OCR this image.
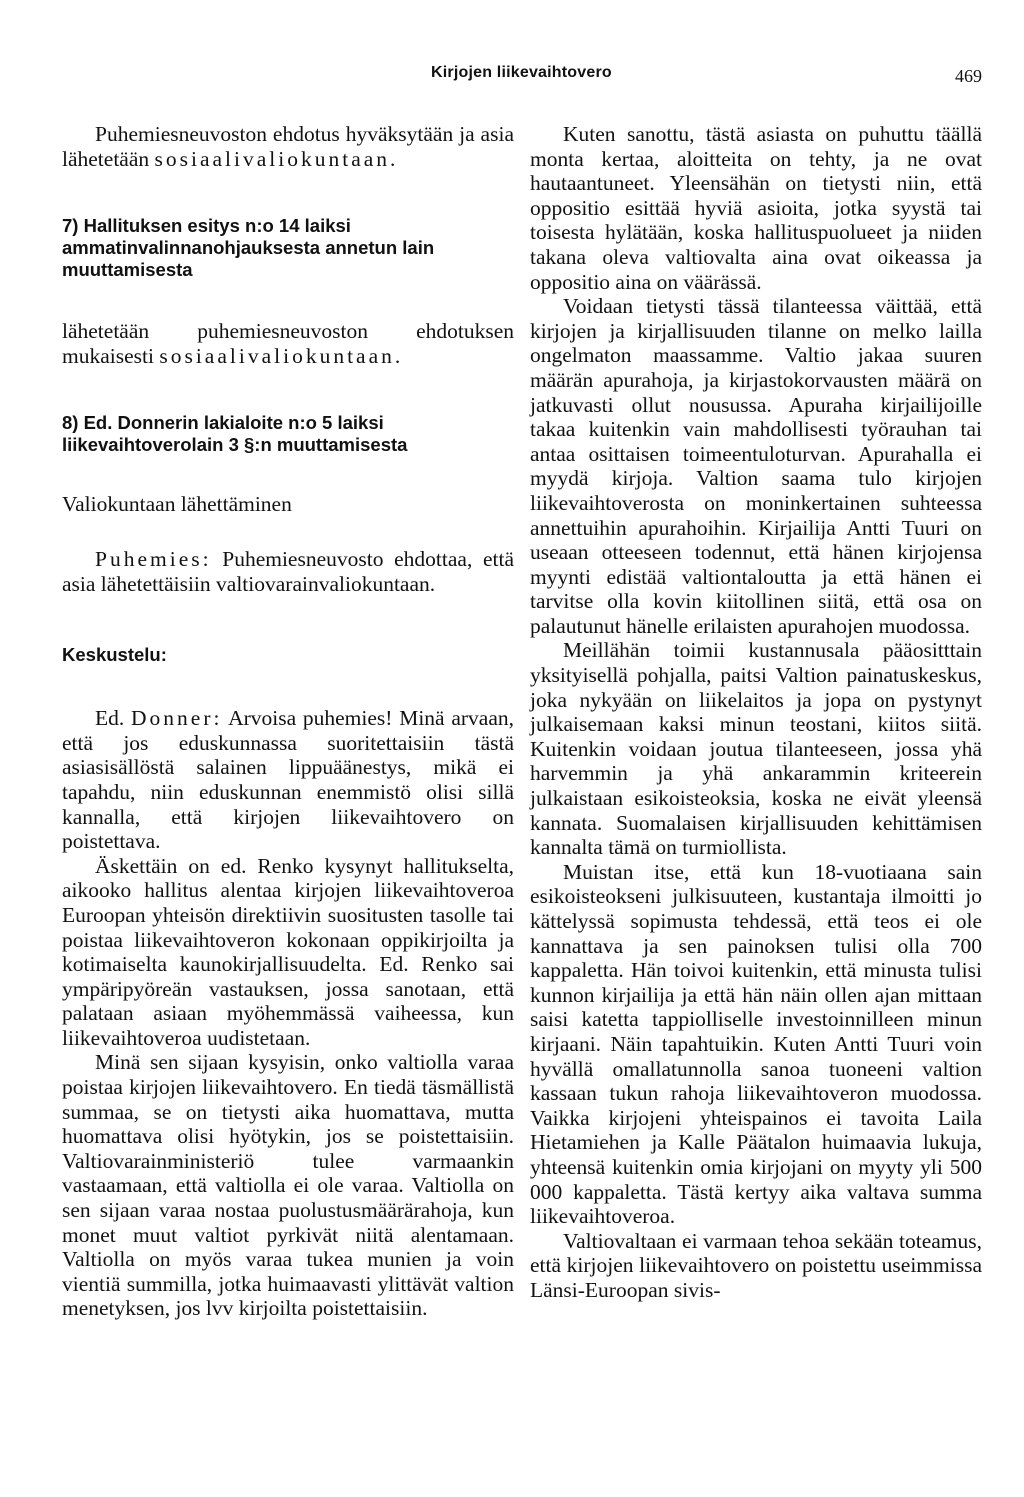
Kirjojen liikevaihtovero	469

Puhemiesneuvoston ehdotus hyväksytään ja asia lähetetään sosiaalivaliokuntaan.

7) Hallituksen esitys n:o 14 laiksi ammatinvalinnanohjauksesta annetun lain muuttamisesta

lähetetään puhemiesneuvoston ehdotuksen mukaisesti sosiaalivaliokuntaan.

8) Ed. Donnerin lakialoite n:o 5 laiksi liikevaihtoverolain 3 §:n muuttamisesta

Valiokuntaan lähettäminen

Puhemies: Puhemiesneuvosto ehdottaa, että asia lähetettäisiin valtiovarainvaliokuntaan.

Keskustelu:

Ed. Donner: Arvoisa puhemies! Minä arvaan, että jos eduskunnassa suoritettaisiin tästä asiasisällöstä salainen lippuäänestys, mikä ei tapahdu, niin eduskunnan enemmistö olisi sillä kannalla, että kirjojen liikevaihtovero on poistettava.

Äskettäin on ed. Renko kysynyt hallitukselta, aikooko hallitus alentaa kirjojen liikevaihtoveroa Euroopan yhteisön direktiivin suositusten tasolle tai poistaa liikevaihtoveron kokonaan oppikirjoilta ja kotimaiselta kaunokirjallisuudelta. Ed. Renko sai ympäripyöreän vastauksen, jossa sanotaan, että palataan asiaan myöhemmässä vaiheessa, kun liikevaihtoveroa uudistetaan.

Minä sen sijaan kysyisin, onko valtiolla varaa poistaa kirjojen liikevaihtovero. En tiedä täsmällistä summaa, se on tietysti aika huomattava, mutta huomattava olisi hyötykin, jos se poistettaisiin. Valtiovarainministeriö tulee varmaankin vastaamaan, että valtiolla ei ole varaa. Valtiolla on sen sijaan varaa nostaa puolustusmäärärahoja, kun monet muut valtiot pyrkivät niitä alentamaan. Valtiolla on myös varaa tukea munien ja voin vientiä summilla, jotka huimaavasti ylittävät valtion menetyksen, jos lvv kirjoilta poistettaisiin.

Kuten sanottu, tästä asiasta on puhuttu täällä monta kertaa, aloitteita on tehty, ja ne ovat hautaantuneet. Yleensähän on tietysti niin, että oppositio esittää hyviä asioita, jotka syystä tai toisesta hylätään, koska hallituspuolueet ja niiden takana oleva valtiovalta aina ovat oikeassa ja oppositio aina on väärässä.

Voidaan tietysti tässä tilanteessa väittää, että kirjojen ja kirjallisuuden tilanne on melko lailla ongelmaton maassamme. Valtio jakaa suuren määrän apurahoja, ja kirjastokorvausten määrä on jatkuvasti ollut nousussa. Apuraha kirjailijoille takaa kuitenkin vain mahdollisesti työrauhan tai antaa osittaisen toimeentuloturvan. Apurahalla ei myydä kirjoja. Valtion saama tulo kirjojen liikevaihtoverosta on moninkertainen suhteessa annettuihin apurahoihin. Kirjailija Antti Tuuri on useaan otteeseen todennut, että hänen kirjojensa myynti edistää valtiontaloutta ja että hänen ei tarvitse olla kovin kiitollinen siitä, että osa on palautunut hänelle erilaisten apurahojen muodossa.

Meillähän toimii kustannusala pääositttain yksityisellä pohjalla, paitsi Valtion painatuskeskus, joka nykyään on liikelaitos ja jopa on pystynyt julkaisemaan kaksi minun teostani, kiitos siitä. Kuitenkin voidaan joutua tilanteeseen, jossa yhä harvemmin ja yhä ankarammin kriteerein julkaistaan esikoisteoksia, koska ne eivät yleensä kannata. Suomalaisen kirjallisuuden kehittämisen kannalta tämä on turmiollista.

Muistan itse, että kun 18-vuotiaana sain esikoisteokseni julkisuuteen, kustantaja ilmoitti jo kättelyssä sopimusta tehdessä, että teos ei ole kannattava ja sen painoksen tulisi olla 700 kappaletta. Hän toivoi kuitenkin, että minusta tulisi kunnon kirjailija ja että hän näin ollen ajan mittaan saisi katetta tappiolliselle investoinnilleen minun kirjaani. Näin tapahtuikin. Kuten Antti Tuuri voin hyvällä omallatunnolla sanoa tuoneeni valtion kassaan tukun rahoja liikevaihtoveron muodossa. Vaikka kirjojeni yhteispainos ei tavoita Laila Hietamiehen ja Kalle Päätalon huimaavia lukuja, yhteensä kuitenkin omia kirjojani on myyty yli 500 000 kappaletta. Tästä kertyy aika valtava summa liikevaihtoveroa.

Valtiovaltaan ei varmaan tehoa sekään toteamus, että kirjojen liikevaihtovero on poistettu useimmissa Länsi-Euroopan sivis-
